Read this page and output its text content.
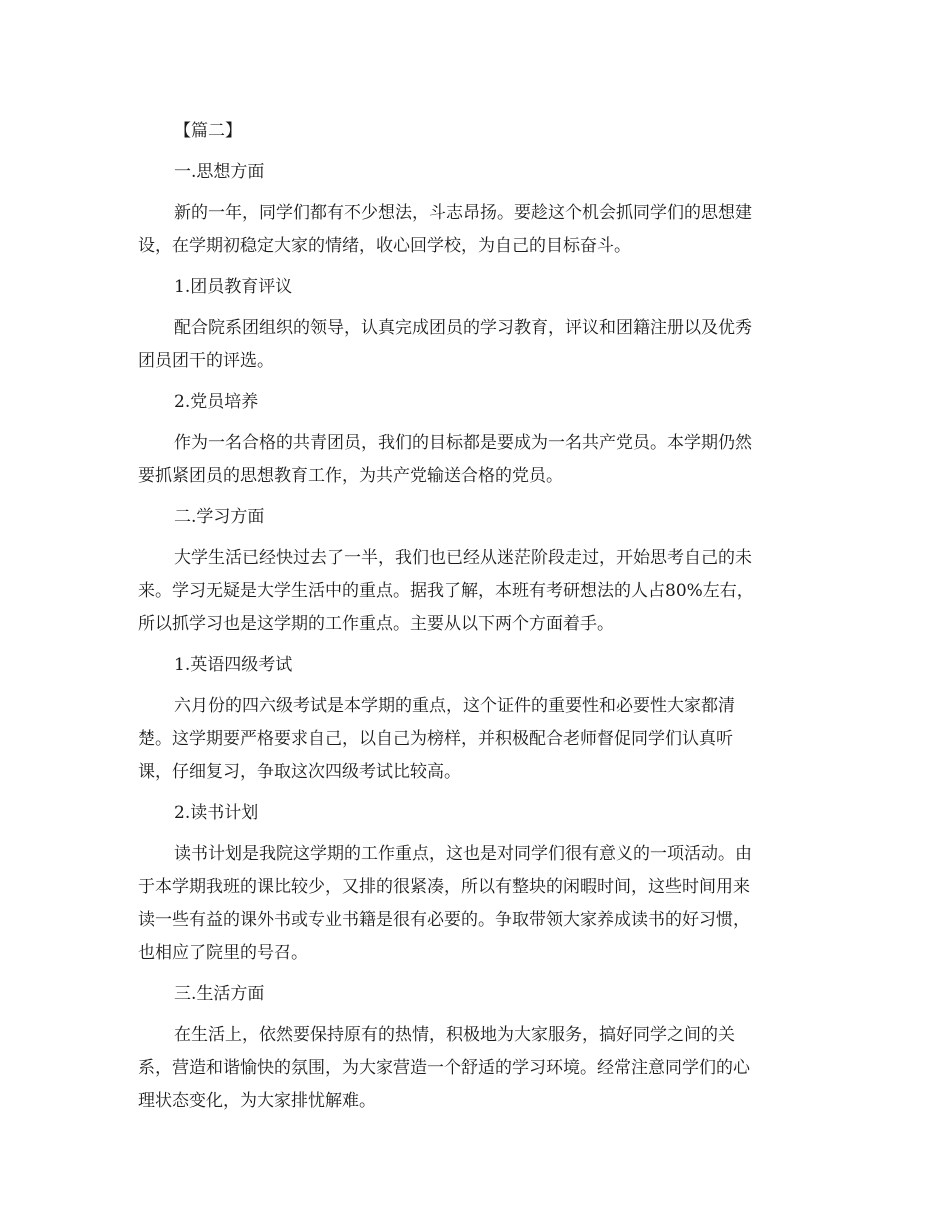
【篇二】

一.思想方面

新的一年，同学们都有不少想法，斗志昂扬。要趁这个机会抓同学们的思想建
设，在学期初稳定大家的情绪，收心回学校，为自己的目标奋斗。

1.团员教育评议

配合院系团组织的领导，认真完成团员的学习教育，评议和团籍注册以及优秀
团员团干的评选。

2.党员培养

作为一名合格的共青团员，我们的目标都是要成为一名共产党员。本学期仍然
要抓紧团员的思想教育工作，为共产党输送合格的党员。

二.学习方面

大学生活已经快过去了一半，我们也已经从迷茫阶段走过，开始思考自己的未
来。学习无疑是大学生活中的重点。据我了解，本班有考研想法的人占80%左右，
所以抓学习也是这学期的工作重点。主要从以下两个方面着手。

1.英语四级考试

六月份的四六级考试是本学期的重点，这个证件的重要性和必要性大家都清
楚。这学期要严格要求自己，以自己为榜样，并积极配合老师督促同学们认真听
课，仔细复习，争取这次四级考试比较高。

2.读书计划

读书计划是我院这学期的工作重点，这也是对同学们很有意义的一项活动。由
于本学期我班的课比较少，又排的很紧凑，所以有整块的闲暇时间，这些时间用来
读一些有益的课外书或专业书籍是很有必要的。争取带领大家养成读书的好习惯，
也相应了院里的号召。

三.生活方面

在生活上，依然要保持原有的热情，积极地为大家服务，搞好同学之间的关
系，营造和谐愉快的氛围，为大家营造一个舒适的学习环境。经常注意同学们的心
理状态变化，为大家排忧解难。
